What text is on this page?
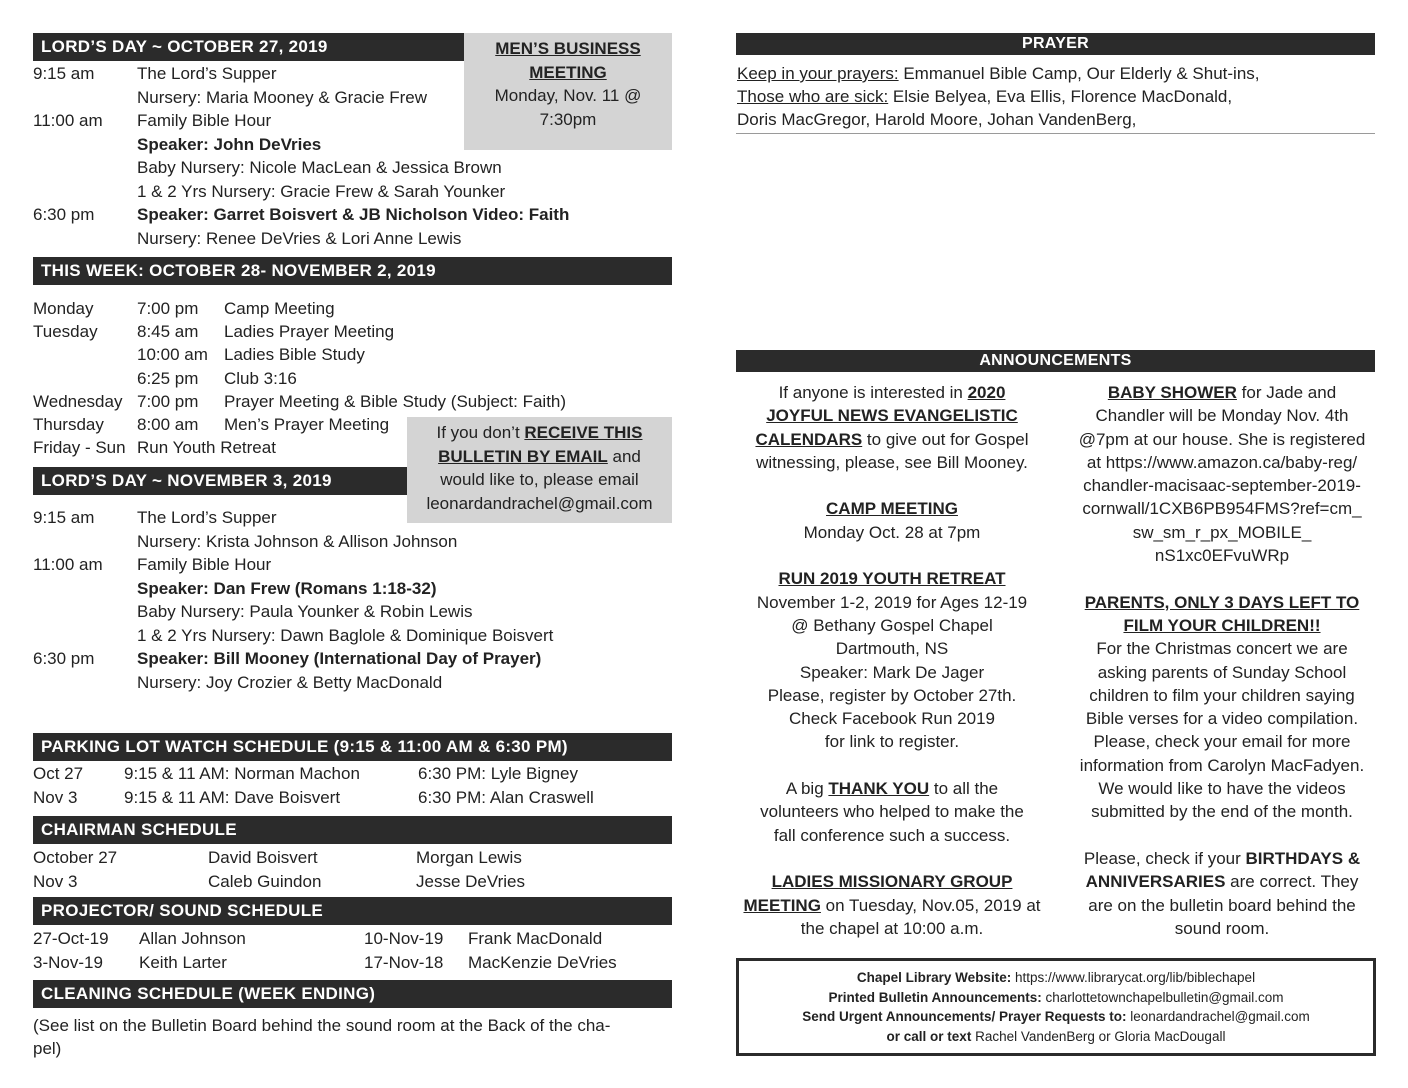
MEN’S BUSINESS
MEETING
Monday, Nov. 11 @
7:30pm
LORD’S DAY ~ OCTOBER 27, 2019
9:15 am	The Lord’s Supper
Nursery: Maria Mooney & Gracie Frew
11:00 am Family Bible Hour
Speaker: John DeVries
Baby Nursery: Nicole MacLean & Jessica Brown
1 & 2 Yrs Nursery: Gracie Frew & Sarah Younker
6:30 pm	Speaker: Garret Boisvert & JB Nicholson Video: Faith
Nursery: Renee DeVries & Lori Anne Lewis
THIS WEEK: OCTOBER 28- NOVEMBER 2, 2019
Monday	7:00 pm Camp Meeting
Tuesday 8:45 am Ladies Prayer Meeting
10:00 am Ladies Bible Study
6:25 pm Club 3:16
Wednesday 7:00 pm Prayer Meeting & Bible Study (Subject: Faith)
Thursday 8:00 am Men’s Prayer Meeting
Friday - Sun Run Youth Retreat
If you don’t RECEIVE THIS
BULLETIN BY EMAIL and
would like to, please email
leonardandrachel@gmail.com
LORD’S DAY ~ NOVEMBER 3, 2019
9:15 am	The Lord’s Supper
Nursery: Krista Johnson & Allison Johnson
11:00 am Family Bible Hour
Speaker: Dan Frew (Romans 1:18-32)
Baby Nursery: Paula Younker & Robin Lewis
1 & 2 Yrs Nursery: Dawn Baglole & Dominique Boisvert
6:30 pm	Speaker: Bill Mooney (International Day of Prayer)
Nursery: Joy Crozier & Betty MacDonald
PARKING LOT WATCH SCHEDULE (9:15 & 11:00 AM & 6:30 PM)
Oct 27 9:15 & 11 AM: Norman Machon	6:30 PM: Lyle Bigney
Nov 3	9:15 & 11 AM: Dave Boisvert	6:30 PM: Alan Craswell
CHAIRMAN SCHEDULE
October 27	David Boisvert	Morgan Lewis
Nov 3	Caleb Guindon	Jesse DeVries
PROJECTOR/ SOUND SCHEDULE
27-Oct-19 Allan Johnson	10-Nov-19 Frank MacDonald
3-Nov-19 Keith Larter	17-Nov-18 MacKenzie DeVries
CLEANING SCHEDULE (WEEK ENDING)
(See list on the Bulletin Board behind the sound room at the Back of the cha-
pel)
PRAYER
Keep in your prayers: Emmanuel Bible Camp, Our Elderly & Shut-ins,
Those who are sick: Elsie Belyea, Eva Ellis, Florence MacDonald,
Doris MacGregor, Harold Moore, Johan VandenBerg,
ANNOUNCEMENTS

If anyone is interested in 2020

JOYFUL NEWS EVANGELISTIC

CALENDARS to give out for Gospel

witnessing, please, see Bill Mooney.

CAMP MEETING

Monday Oct. 28 at 7pm

RUN 2019 YOUTH RETREAT

November 1-2, 2019 for Ages 12-19

@ Bethany Gospel Chapel

Dartmouth, NS

Speaker: Mark De Jager

Please, register by October 27th.

Check Facebook Run 2019

for link to register.

A big THANK YOU to all the

volunteers who helped to make the

fall conference such a success.

LADIES MISSIONARY GROUP

MEETING on Tuesday, Nov.05, 2019 at

the chapel at 10:00 a.m.

BABY SHOWER for Jade and

Chandler will be Monday Nov. 4th

@7pm at our house. She is registered

at https://www.amazon.ca/baby-reg/

chandler-macisaac-september-2019-

cornwall/1CXB6PB954FMS?ref=cm_

sw_sm_r_px_MOBILE_

nS1xc0EFvuWRp

PARENTS, ONLY 3 DAYS LEFT TO

FILM YOUR CHILDREN!!

For the Christmas concert we are

asking parents of Sunday School

children to film your children saying

Bible verses for a video compilation.

Please, check your email for more

information from Carolyn MacFadyen.

We would like to have the videos

submitted by the end of the month.

Please, check if your BIRTHDAYS &

ANNIVERSARIES are correct. They

are on the bulletin board behind the

sound room.

Chapel Library Website: https://www.librarycat.org/lib/biblechapel
Printed Bulletin Announcements: charlottetownchapelbulletin@gmail.com
Send Urgent Announcements/ Prayer Requests to: leonardandrachel@gmail.com
or call or text Rachel VandenBerg or Gloria MacDougall
